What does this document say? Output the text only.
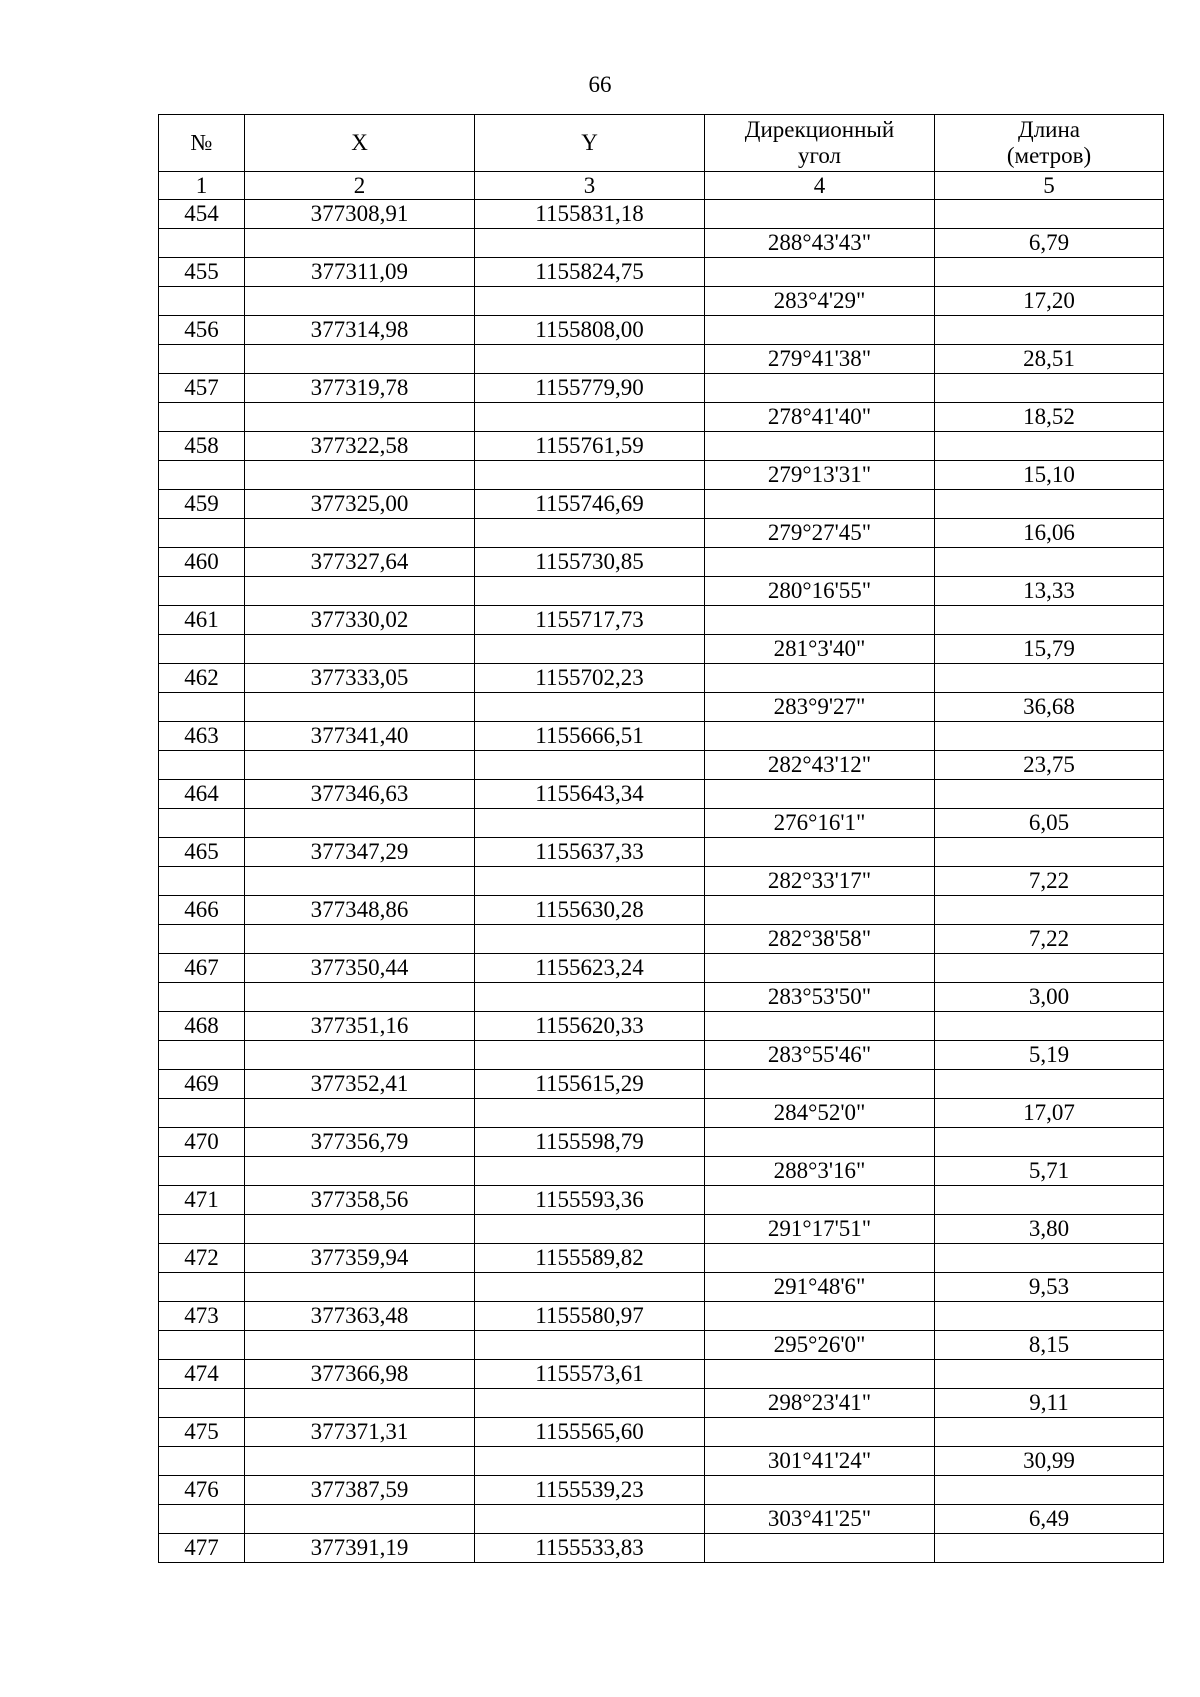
66
№	X	Y	Дирекционный угол	Длина (метров)
1	2	3	4	5
454	377308,91	1155831,18		
			288°43'43"	6,79
455	377311,09	1155824,75		
			283°4'29"	17,20
456	377314,98	1155808,00		
			279°41'38"	28,51
457	377319,78	1155779,90		
			278°41'40"	18,52
458	377322,58	1155761,59		
			279°13'31"	15,10
459	377325,00	1155746,69		
			279°27'45"	16,06
460	377327,64	1155730,85		
			280°16'55"	13,33
461	377330,02	1155717,73		
			281°3'40"	15,79
462	377333,05	1155702,23		
			283°9'27"	36,68
463	377341,40	1155666,51		
			282°43'12"	23,75
464	377346,63	1155643,34		
			276°16'1"	6,05
465	377347,29	1155637,33		
			282°33'17"	7,22
466	377348,86	1155630,28		
			282°38'58"	7,22
467	377350,44	1155623,24		
			283°53'50"	3,00
468	377351,16	1155620,33		
			283°55'46"	5,19
469	377352,41	1155615,29		
			284°52'0"	17,07
470	377356,79	1155598,79		
			288°3'16"	5,71
471	377358,56	1155593,36		
			291°17'51"	3,80
472	377359,94	1155589,82		
			291°48'6"	9,53
473	377363,48	1155580,97		
			295°26'0"	8,15
474	377366,98	1155573,61		
			298°23'41"	9,11
475	377371,31	1155565,60		
			301°41'24"	30,99
476	377387,59	1155539,23		
			303°41'25"	6,49
477	377391,19	1155533,83		
